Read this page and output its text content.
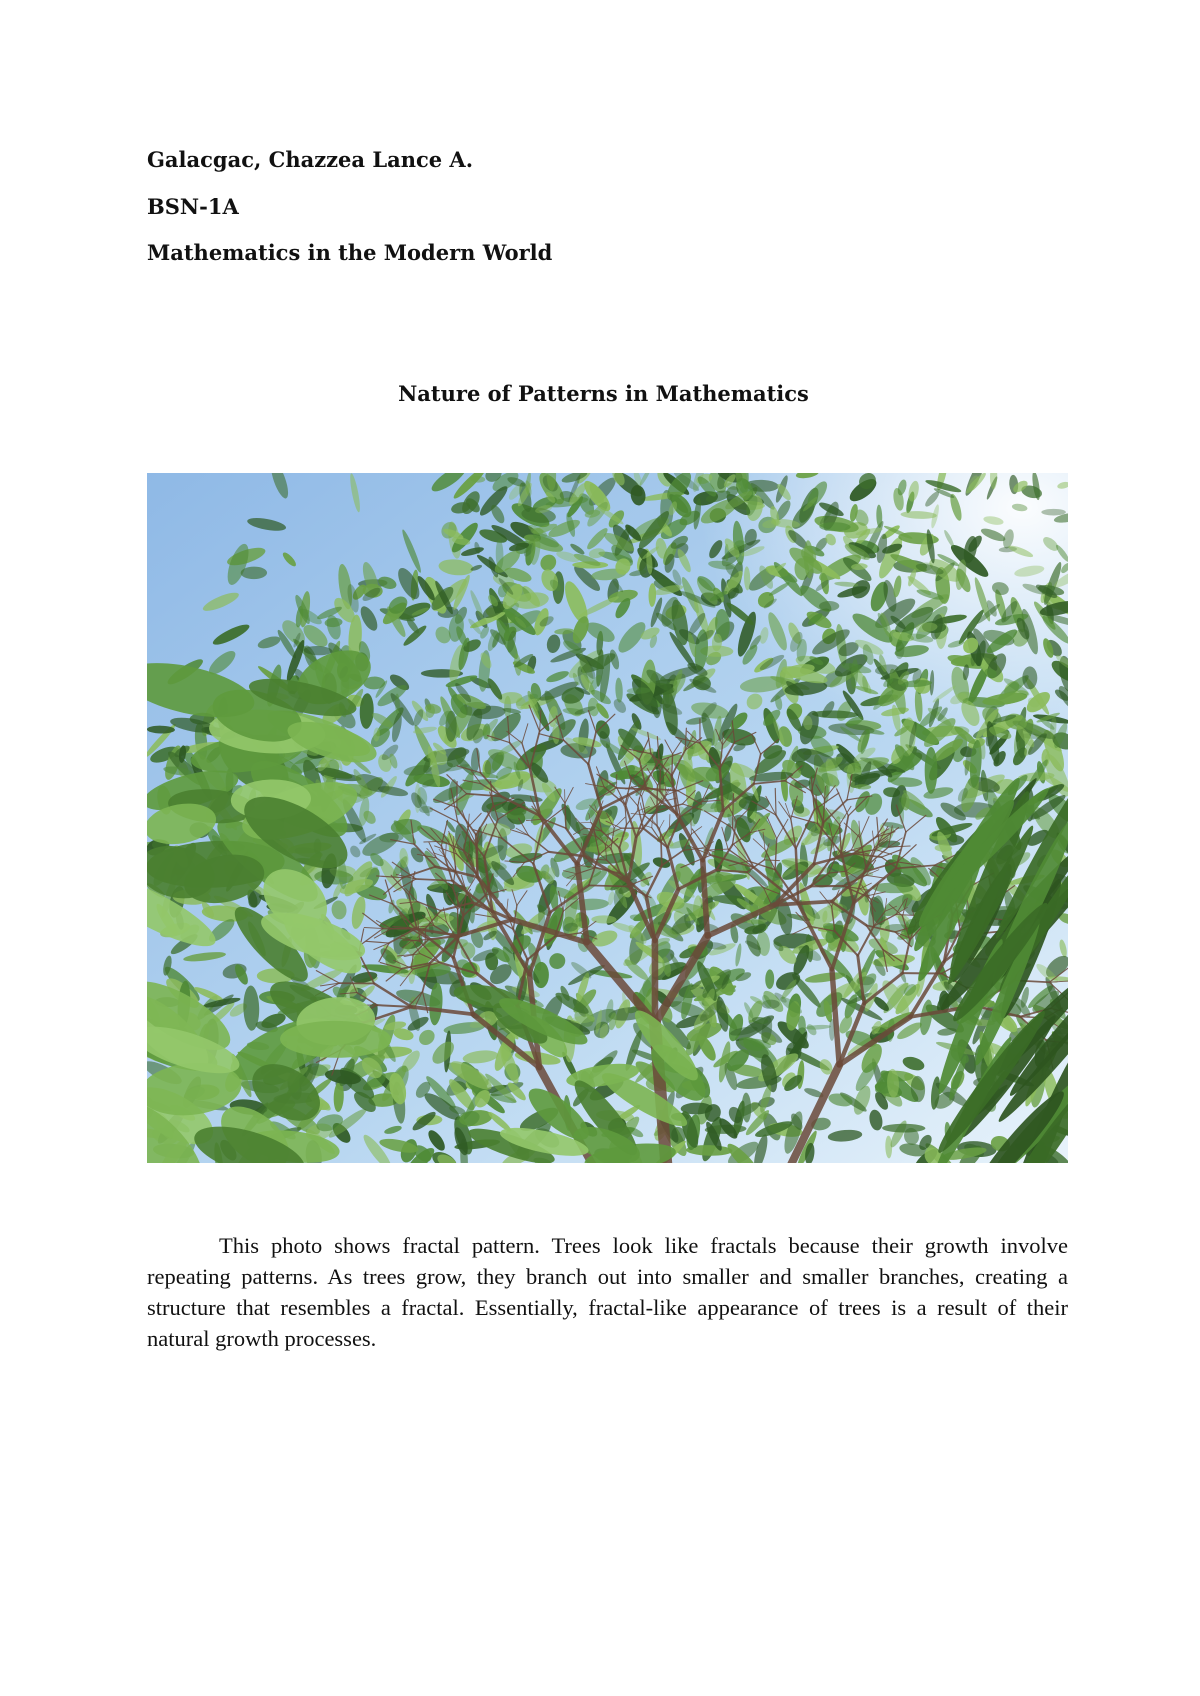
Galacgac, Chazzea Lance A.
BSN-1A
Mathematics in the Modern World
Nature of Patterns in Mathematics

This photo shows fractal pattern. Trees look like fractals because their growth involve repeating patterns. As trees grow, they branch out into smaller and smaller branches, creating a structure that resembles a fractal. Essentially, fractal-like appearance of trees is a result of their natural growth processes.
